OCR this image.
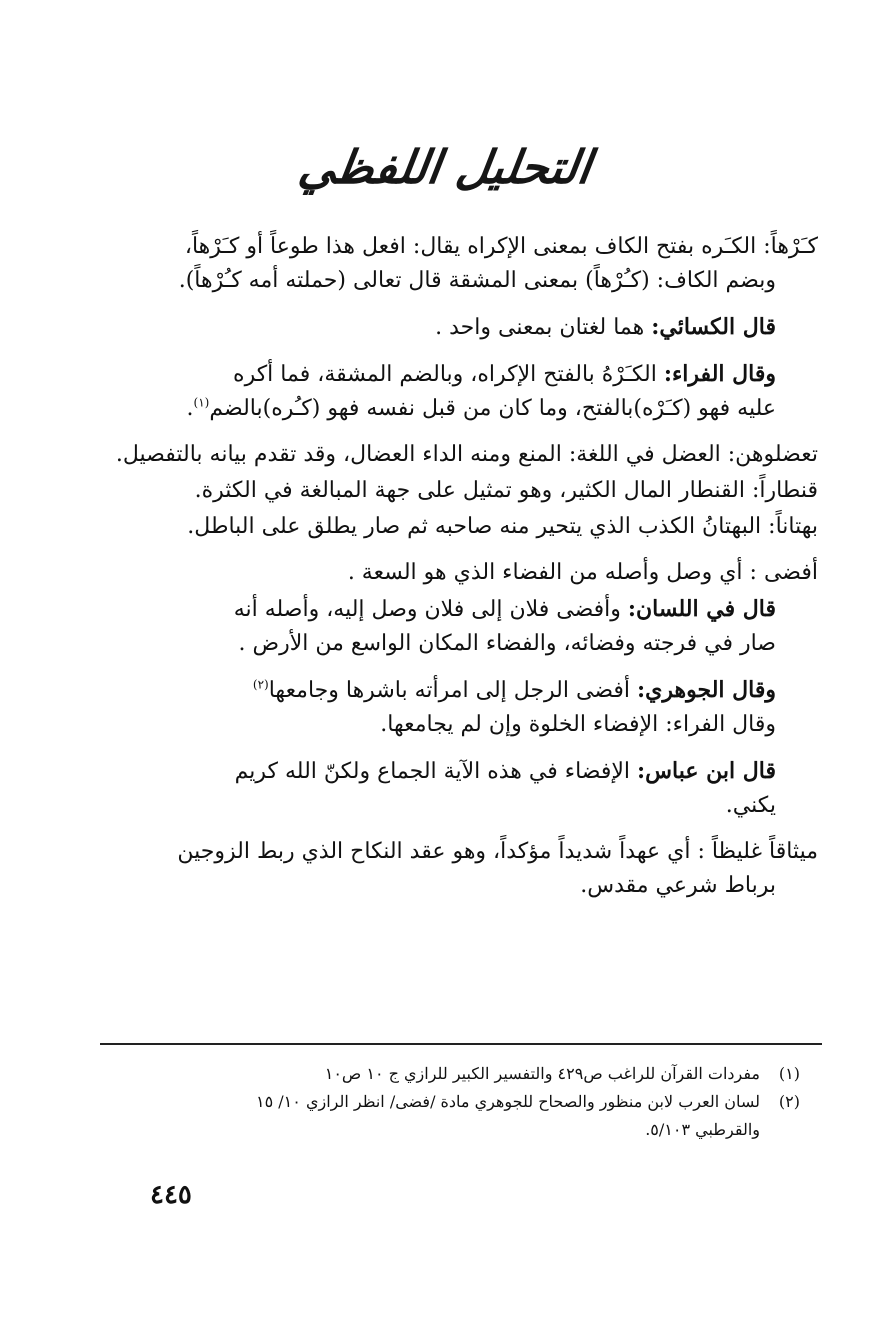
التحليل اللفظي
كـَرْهاً: الكـَره بفتح الكاف بمعنى الإكراه يقال: افعل هذا طوعاً أو كـَرْهاً،
وبضم الكاف: (كـُرْهاً) بمعنى المشقة قال تعالى (حملته أمه كـُرْهاً).
قال الكسائي: هما لغتان بمعنى واحد .
وقال الفراء: الكـَرْهُ بالفتح الإكراه، وبالضم المشقة، فما أكره
عليه فهو (كـَرْه)بالفتح، وما كان من قبل نفسه فهو (كـُره)بالضم$^{(١)}$.
تعضلوهن: العضل في اللغة: المنع ومنه الداء العضال، وقد تقدم بيانه بالتفصيل.
قنطاراً: القنطار المال الكثير، وهو تمثيل على جهة المبالغة في الكثرة.
بهتاناً: البهتانُ الكذب الذي يتحير منه صاحبه ثم صار يطلق على الباطل.
أفضى : أي وصل وأصله من الفضاء الذي هو السعة .
قال في اللسان: وأفضى فلان إلى فلان وصل إليه، وأصله أنه
صار في فرجته وفضائه، والفضاء المكان الواسع من الأرض .
وقال الجوهري: أفضى الرجل إلى امرأته باشرها وجامعها$^{(٢)}$
وقال الفراء: الإفضاء الخلوة وإن لم يجامعها.
قال ابن عباس: الإفضاء في هذه الآية الجماع ولكنّ الله كريم
يكني.
ميثاقاً غليظاً : أي عهداً شديداً مؤكداً، وهو عقد النكاح الذي ربط الزوجين
برباط شرعي مقدس.
(١)مفردات القرآن للراغب ص٤٢٩ والتفسير الكبير للرازي ج ١٠ ص١٠
(٢)لسان العرب لابن منظور والصحاح للجوهري مادة /فضى/ انظر الرازي ١٠/ ١٥
والقرطبي ٥/١٠٣.
٤٤٥
